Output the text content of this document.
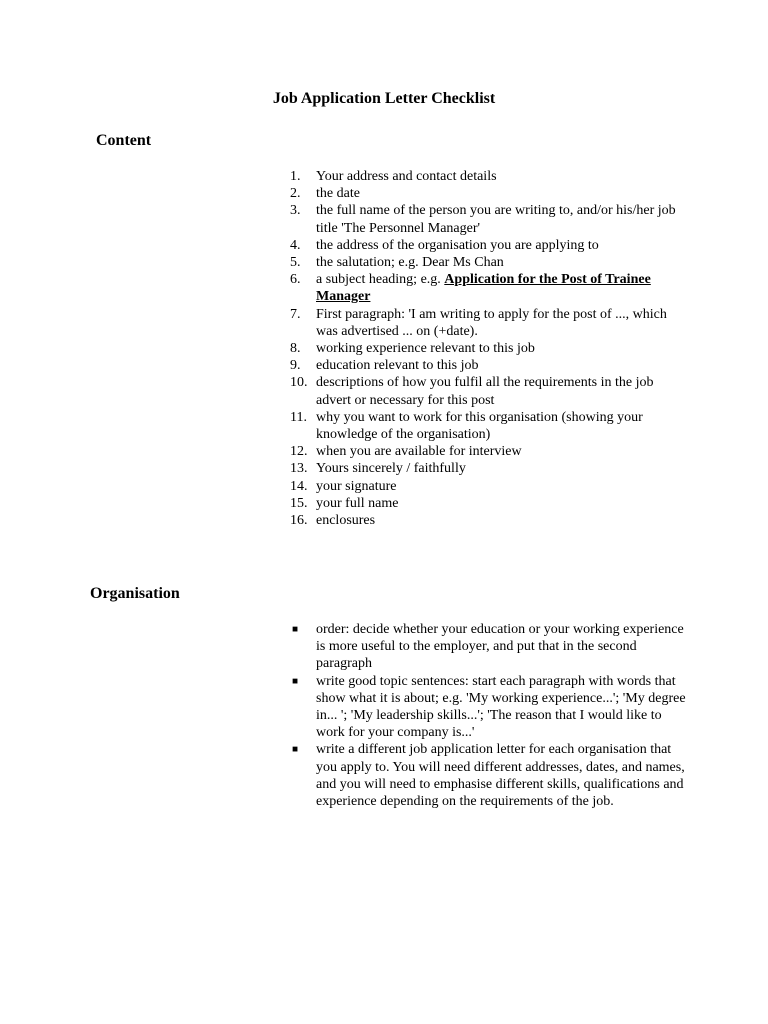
Job Application Letter Checklist
Content
1. Your address and contact details
2. the date
3. the full name of the person you are writing to, and/or his/her job title 'The Personnel Manager'
4. the address of the organisation you are applying to
5. the salutation; e.g. Dear Ms Chan
6. a subject heading; e.g. Application for the Post of Trainee Manager
7. First paragraph: 'I am writing to apply for the post of ..., which was advertised ... on (+date).
8. working experience relevant to this job
9. education relevant to this job
10. descriptions of how you fulfil all the requirements in the job advert or necessary for this post
11. why you want to work for this organisation (showing your knowledge of the organisation)
12. when you are available for interview
13. Yours sincerely / faithfully
14. your signature
15. your full name
16. enclosures
Organisation
■ order: decide whether your education or your working experience is more useful to the employer, and put that in the second paragraph
■ write good topic sentences: start each paragraph with words that show what it is about; e.g. 'My working experience...'; 'My degree in... '; 'My leadership skills...'; 'The reason that I would like to work for your company is...'
■ write a different job application letter for each organisation that you apply to. You will need different addresses, dates, and names, and you will need to emphasise different skills, qualifications and experience depending on the requirements of the job.
